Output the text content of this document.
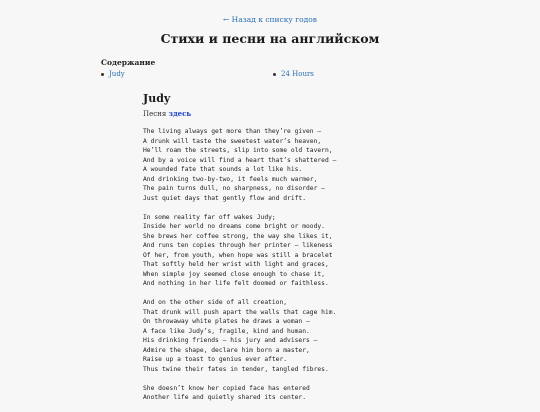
← Назад к списку годов
Стихи и песни на английском
Содержание
Judy	24 Hours
Judy
Песня здесь
The living always get more than they’re given —
A drunk will taste the sweetest water’s heaven,
He’ll roam the streets, slip into some old tavern,
And by a voice will find a heart that’s shattered —
A wounded fate that sounds a lot like his.
And drinking two-by-two, it feels much warmer,
The pain turns dull, no sharpness, no disorder —
Just quiet days that gently flow and drift.
In some reality far off wakes Judy;
Inside her world no dreams come bright or moody.
She brews her coffee strong, the way she likes it,
And runs ten copies through her printer — likeness
Of her, from youth, when hope was still a bracelet
That softly held her wrist with light and graces,
When simple joy seemed close enough to chase it,
And nothing in her life felt doomed or faithless.
And on the other side of all creation,
That drunk will push apart the walls that cage him.
On throwaway white plates he draws a woman —
A face like Judy’s, fragile, kind and human.
His drinking friends — his jury and advisers —
Admire the shape, declare him born a master,
Raise up a toast to genius ever after.
Thus twine their fates in tender, tangled fibres.
She doesn’t know her copied face has entered
Another life and quietly shared its center.
